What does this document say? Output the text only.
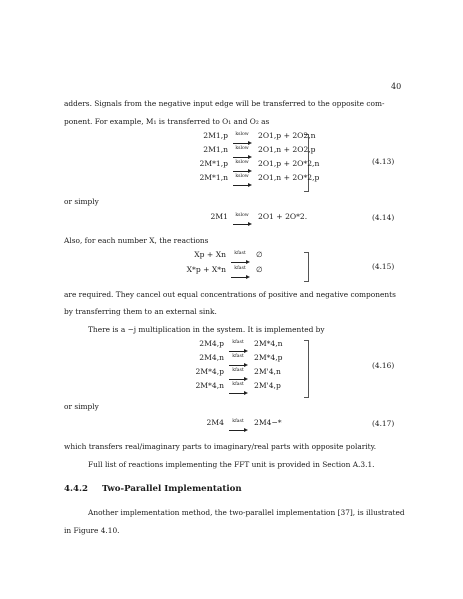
40
adders. Signals from the negative input edge will be transferred to the opposite com-
ponent. For example, M₁ is transferred to O₁ and O₂ as
(4.13)
2M1,p	kslow	2O1,p + 2O2,n
2M1,n	kslow	2O1,n + 2O2,p
2M*1,p	kslow	2O1,p + 2O*2,n
2M*1,n	kslow	2O1,n + 2O*2,p
or simply
(4.14)
2M1	kslow	2O1 + 2O*2.
Also, for each number X, the reactions
(4.15)
Xp + Xn	kfast	∅
X*p + X*n	kfast	∅
are required. They cancel out equal concentrations of positive and negative components
by transferring them to an external sink.
There is a −j multiplication in the system. It is implemented by
(4.16)
2M4,p	kfast	2M*4,n
2M4,n	kfast	2M*4,p
2M*4,p	kfast	2M'4,n
2M*4,n	kfast	2M'4,p
or simply
(4.17)
2M4	kfast	2M4−*
which transfers real/imaginary parts to imaginary/real parts with opposite polarity.
Full list of reactions implementing the FFT unit is provided in Section A.3.1.
4.4.2 Two-Parallel Implementation
Another implementation method, the two-parallel implementation [37], is illustrated
in Figure 4.10.
